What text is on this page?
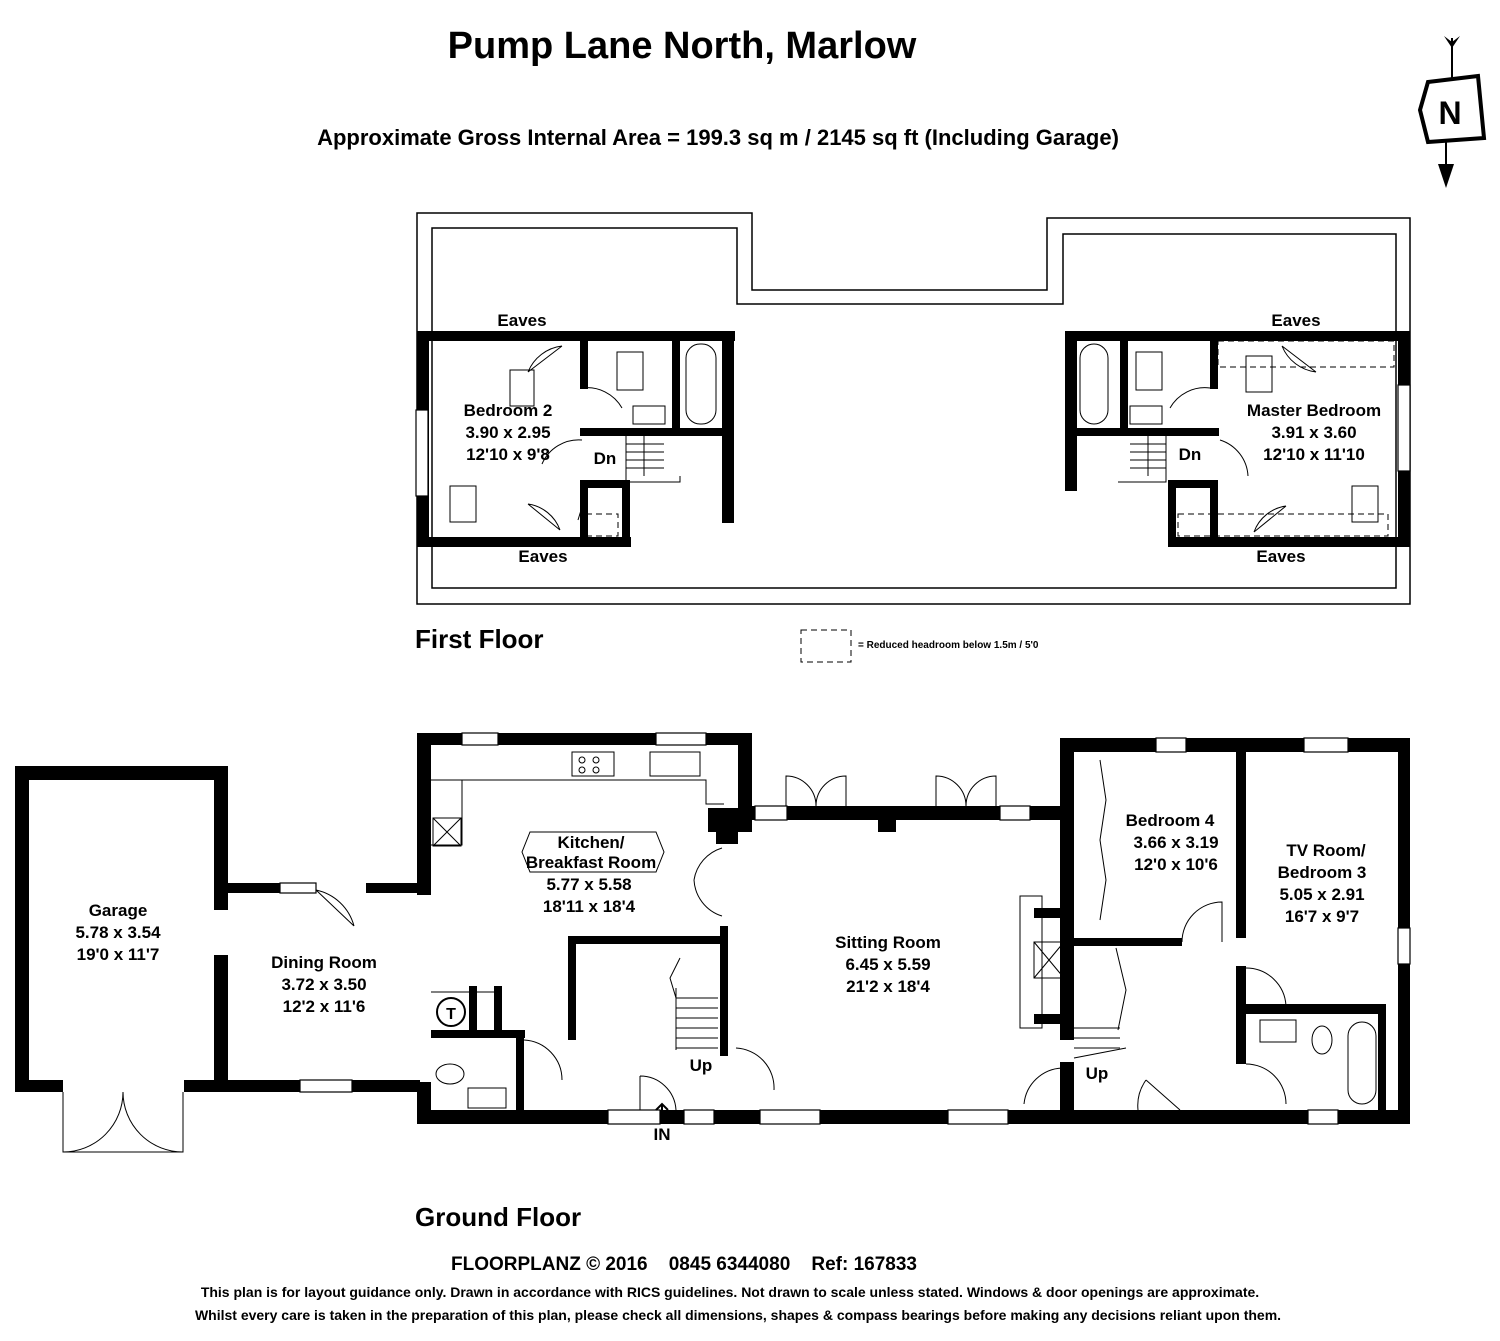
Pump Lane North, Marlow
Approximate Gross Internal Area = 199.3 sq m / 2145 sq ft (Including Garage)
N
Eaves	Eaves
Eaves	Eaves
Dn	Dn
Bedroom 2
3.90 x 2.95
12'10 x 9'8
Master Bedroom
3.91 x 3.60
12'10 x 11'10
First Floor	= Reduced headroom below 1.5m / 5'0
T
Garage
5.78 x 3.54
19'0 x 11'7	Dining Room
3.72 x 3.50
12'2 x 11'6
Kitchen/
Breakfast Room
5.77 x 5.58
18'11 x 18'4
Sitting Room
6.45 x 5.59
21'2 x 18'4
Bedroom 4
3.66 x 3.19
12'0 x 10'6
TV Room/
Bedroom 3
5.05 x 2.91
16'7 x 9'7
Up	Up
IN
Ground Floor
FLOORPLANZ © 2016    0845 6344080    Ref: 167833
This plan is for layout guidance only. Drawn in accordance with RICS guidelines. Not drawn to scale unless stated. Windows & door openings are approximate.
Whilst every care is taken in the preparation of this plan, please check all dimensions, shapes & compass bearings before making any decisions reliant upon them.
